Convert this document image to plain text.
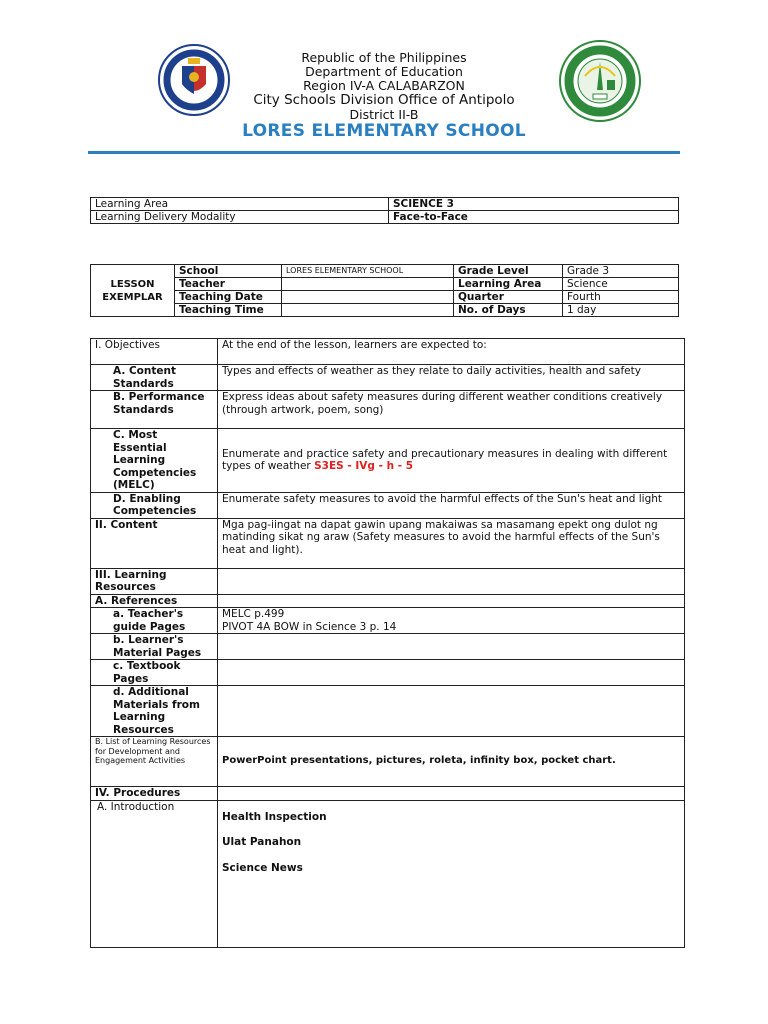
Republic of the Philippines
Department of Education
Region IV-A CALABARZON
City Schools Division Office of Antipolo
District II-B
LORES ELEMENTARY SCHOOL
Learning Area	SCIENCE 3
Learning Delivery Modality	Face-to-Face
LESSON
EXEMPLAR	School	LORES ELEMENTARY SCHOOL	Grade Level	Grade 3
	Teacher		Learning Area	Science
	Teaching Date		Quarter	Fourth
	Teaching Time		No. of Days	1 day
I. Objectives	At the end of the lesson, learners are expected to:
A. Content Standards	Types and effects of weather as they relate to daily activities, health and safety
B. Performance Standards	Express ideas about safety measures during different weather conditions creatively (through artwork, poem, song)
C. Most Essential Learning Competencies (MELC)	Enumerate and practice safety and precautionary measures in dealing with different types of weather S3ES - IVg - h - 5
D. Enabling Competencies	Enumerate safety measures to avoid the harmful effects of the Sun's heat and light
II. Content	Mga pag-iingat na dapat gawin upang makaiwas sa masamang epekt ong dulot ng matinding sikat ng araw (Safety measures to avoid the harmful effects of the Sun's heat and light).
III. Learning Resources	
A. References	
a. Teacher's guide Pages	MELC p.499
PIVOT 4A BOW in Science 3 p. 14

b. Learner's Material Pages	
c. Textbook Pages	
d. Additional Materials from Learning Resources	
B. List of Learning Resources for Development and Engagement Activities	PowerPoint presentations, pictures, roleta, infinity box, pocket chart.
IV. Procedures	
A. Introduction	Health Inspection
Ulat Panahon
Science News
